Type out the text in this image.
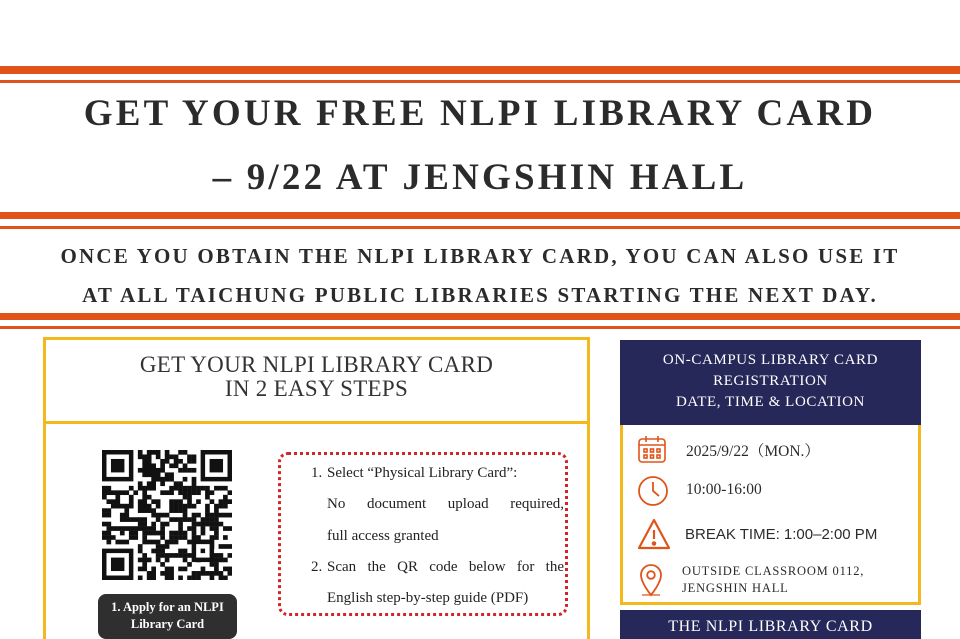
GET YOUR FREE NLPI LIBRARY CARD
– 9/22 AT JENGSHIN HALL
ONCE YOU OBTAIN THE NLPI LIBRARY CARD, YOU CAN ALSO USE IT
AT ALL TAICHUNG PUBLIC LIBRARIES STARTING THE NEXT DAY.
GET YOUR NLPI LIBRARY CARD
IN 2 EASY STEPS
1. Apply for an NLPI
Library Card
1. Select “Physical Library Card”:
No document upload required,
full access granted
2. Scan the QR code below for the
English step-by-step guide (PDF)
ON-CAMPUS LIBRARY CARD
REGISTRATION
DATE, TIME & LOCATION
2025/9/22（MON.）
10:00-16:00
BREAK TIME: 1:00–2:00 PM
OUTSIDE CLASSROOM 0112,
JENGSHIN HALL
THE NLPI LIBRARY CARD
